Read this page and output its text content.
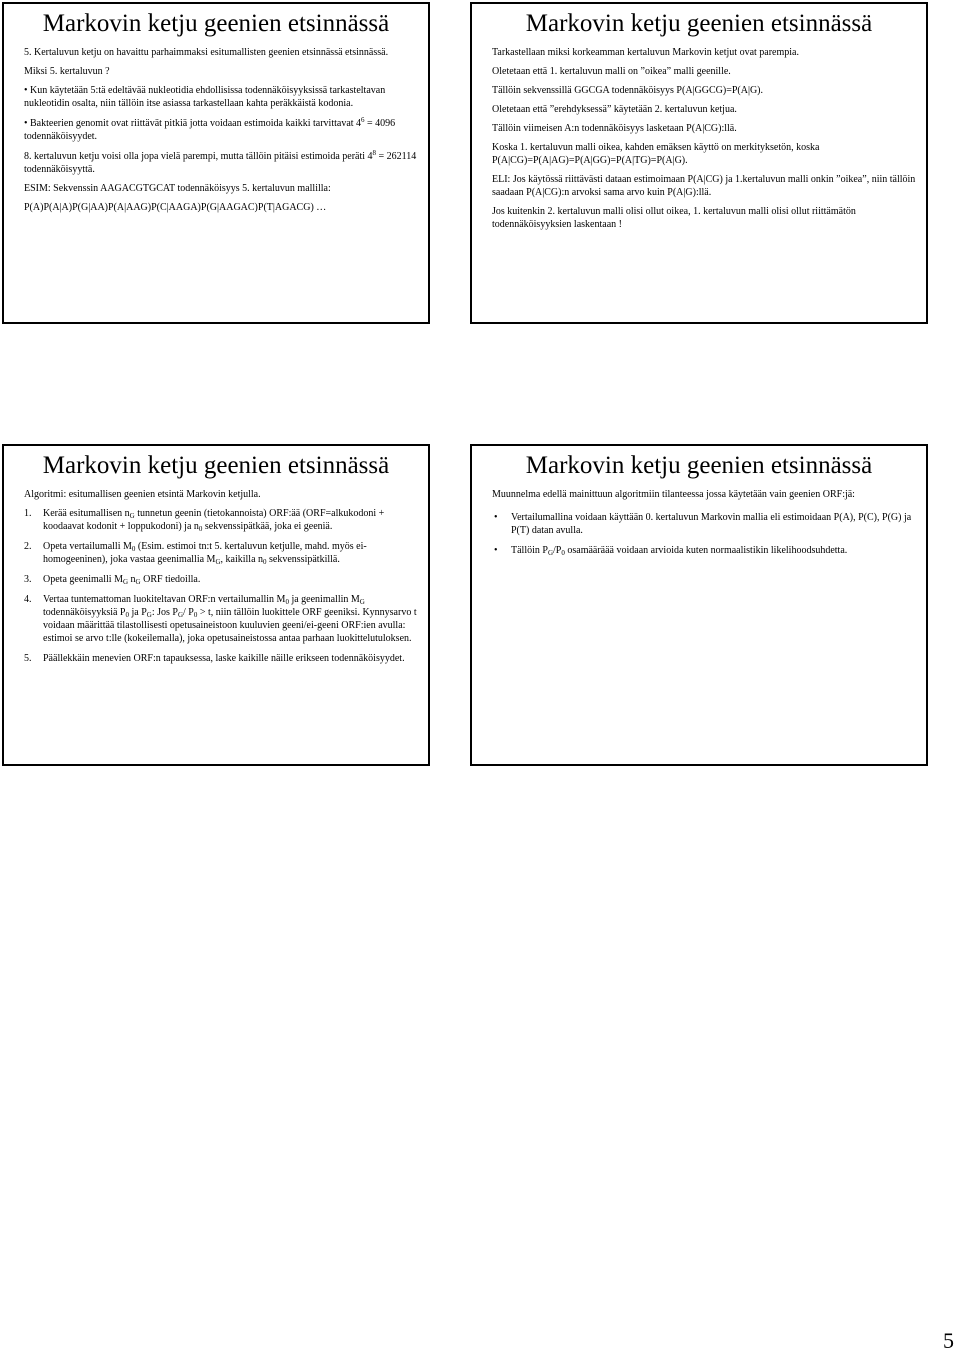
Markovin ketju geenien etsinnässä

5. Kertaluvun ketju on havaittu parhaimmaksi esitumallisten geenien etsinnässä etsinnässä.

Miksi 5. kertaluvun ?

• Kun käytetään 5:tä edeltävää nukleotidia ehdollisissa todennäköisyyksissä tarkasteltavan nukleotidin osalta, niin tällöin itse asiassa tarkastellaan kahta peräkkäistä kodonia.

• Bakteerien genomit ovat riittävät pitkiä jotta voidaan estimoida kaikki tarvittavat $4^6 = 4096$ todennäköisyydet.

8. kertaluvun ketju voisi olla jopa vielä parempi, mutta tällöin pitäisi estimoida peräti $4^8 = 262114$ todennäköisyyttä.

ESIM: Sekvenssin AAGACGTGCAT todennäköisyys 5. kertaluvun mallilla:

P(A)P(A|A)P(G|AA)P(A|AAG)P(C|AAGA)P(G|AAGAC)P(T|AGACG) …

Markovin ketju geenien etsinnässä

Tarkastellaan miksi korkeamman kertaluvun Markovin ketjut ovat parempia.

Oletetaan että 1. kertaluvun malli on ”oikea” malli geenille.

Tällöin sekvenssillä GGCGA todennäköisyys P(A|GGCG)=P(A|G).

Oletetaan että ”erehdyksessä” käytetään 2. kertaluvun ketjua.

Tällöin viimeisen A:n todennäköisyys lasketaan P(A|CG):llä.

Koska 1. kertaluvun malli oikea, kahden emäksen käyttö on merkityksetön, koska P(A|CG)=P(A|AG)=P(A|GG)=P(A|TG)=P(A|G).

ELI: Jos käytössä riittävästi dataan estimoimaan P(A|CG) ja 1.kertaluvun malli onkin ”oikea”, niin tällöin saadaan P(A|CG):n arvoksi sama arvo kuin P(A|G):llä.

Jos kuitenkin 2. kertaluvun malli olisi ollut oikea, 1. kertaluvun malli olisi ollut riittämätön todennäköisyyksien laskentaan !

Markovin ketju geenien etsinnässä

Algoritmi: esitumallisen geenien etsintä Markovin ketjulla.

1. Kerää esitumallisen $n_G$ tunnetun geenin (tietokannoista) ORF:ää (ORF=alkukodoni + koodaavat kodonit + loppukodoni) ja $n_0$ sekvenssipätkää, joka ei geeniä.
2. Opeta vertailumalli $M_0$ (Esim. estimoi tn:t 5. kertaluvun ketjulle, mahd. myös ei-homogeeninen), joka vastaa geenimallia $M_G$, kaikilla $n_0$ sekvenssipätkillä.
3. Opeta geenimalli $M_G$ $n_G$ ORF tiedoilla.
4. Vertaa tuntemattoman luokiteltavan ORF:n vertailumallin $M_0$ ja geenimallin $M_G$ todennäköisyyksiä $P_0$ ja $P_G$: Jos $P_G/$ $P_0 > t$, niin tällöin luokittele ORF geeniksi. Kynnysarvo t voidaan määrittää tilastollisesti opetusaineistoon kuuluvien geeni/ei-geeni ORF:ien avulla: estimoi se arvo t:lle (kokeilemalla), joka opetusaineistossa antaa parhaan luokittelutuloksen.
5. Päällekkäin menevien ORF:n tapauksessa, laske kaikille näille erikseen todennäköisyydet.
Markovin ketju geenien etsinnässä

Muunnelma edellä mainittuun algoritmiin tilanteessa jossa käytetään vain geenien ORF:jä:

• Vertailumallina voidaan käyttään 0. kertaluvun Markovin mallia eli estimoidaan P(A), P(C), P(G) ja P(T) datan avulla.
• Tällöin $P_G/P_0$ osamääräää voidaan arvioida kuten normaalistikin likelihoodsuhdetta.
5
